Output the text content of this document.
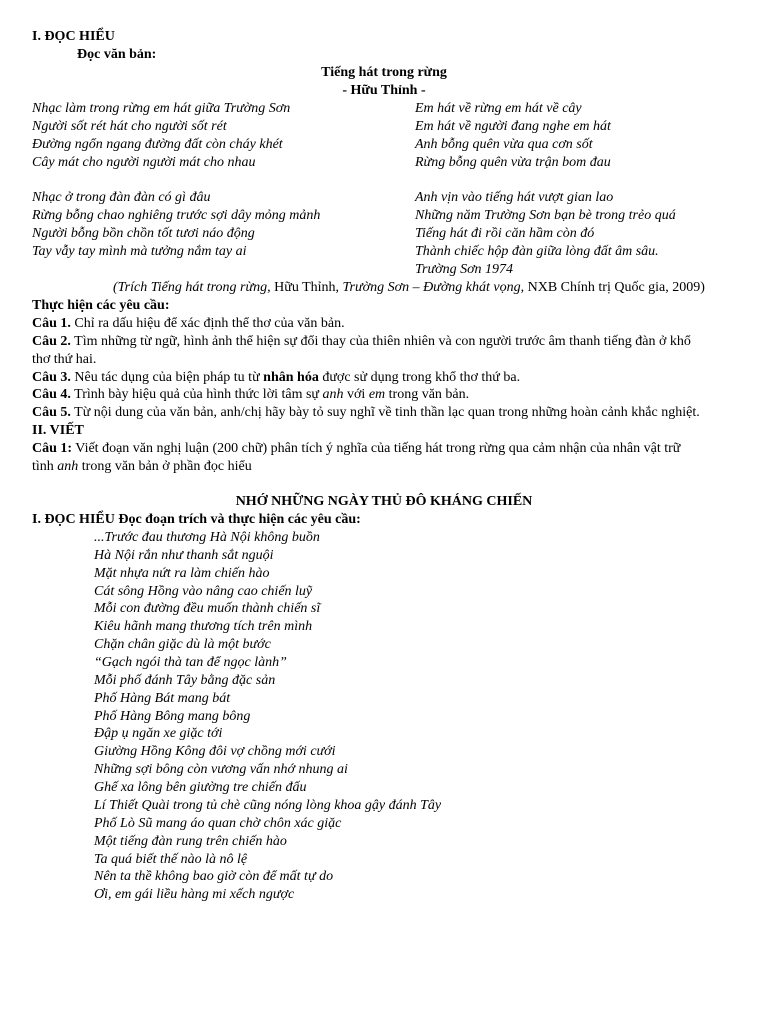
I. ĐỌC HIỂU
Đọc văn bản:
Tiếng hát trong rừng
- Hữu Thỉnh -
Nhạc làm trong rừng em hát giữa Trường Sơn
Người sốt rét hát cho người sốt rét
Đường ngổn ngang đường đất còn cháy khét
Cây mát cho người người mát cho nhau
Em hát về rừng em hát về cây
Em hát về người đang nghe em hát
Anh bỗng quên vừa qua cơn sốt
Rừng bỗng quên vừa trận bom đau
Nhạc ở trong đàn đàn có gì đâu
Rừng bỗng chao nghiêng trước sợi dây mỏng mảnh
Người bỗng bồn chồn tốt tươi náo động
Tay vẫy tay mình mà tưởng nắm tay ai
Anh vịn vào tiếng hát vượt gian lao
Những năm Trường Sơn bạn bè trong trẻo quá
Tiếng hát đi rồi căn hầm còn đó
Thành chiếc hộp đàn giữa lòng đất âm sâu.
Trường Sơn 1974
(Trích Tiếng hát trong rừng, Hữu Thỉnh, Trường Sơn – Đường khát vọng, NXB Chính trị Quốc gia, 2009)
Thực hiện các yêu cầu:
Câu 1. Chỉ ra dấu hiệu để xác định thể thơ của văn bản.
Câu 2. Tìm những từ ngữ, hình ảnh thể hiện sự đổi thay của thiên nhiên và con người trước âm thanh tiếng đàn ở khổ
thơ thứ hai.
Câu 3. Nêu tác dụng của biện pháp tu từ nhân hóa được sử dụng trong khổ thơ thứ ba.
Câu 4. Trình bày hiệu quả của hình thức lời tâm sự anh với em trong văn bản.
Câu 5. Từ nội dung của văn bản, anh/chị hãy bày tỏ suy nghĩ về tinh thần lạc quan trong những hoàn cảnh khắc nghiệt.
II. VIẾT
Câu 1: Viết đoạn văn nghị luận (200 chữ) phân tích ý nghĩa của tiếng hát trong rừng qua cảm nhận của nhân vật trữ
tình anh trong văn bản ở phần đọc hiểu
NHỚ NHỮNG NGÀY THỦ ĐÔ KHÁNG CHIẾN
I. ĐỌC HIỂU Đọc đoạn trích và thực hiện các yêu cầu:
...Trước đau thương Hà Nội không buồn
Hà Nội rắn như thanh sắt nguội
Mặt nhựa nứt ra làm chiến hào
Cát sông Hồng vào nâng cao chiến luỹ
Mỗi con đường đều muốn thành chiến sĩ
Kiêu hãnh mang thương tích trên mình
Chặn chân giặc dù là một bước
“Gạch ngói thà tan để ngọc lành”
Mỗi phố đánh Tây bằng đặc sản
Phố Hàng Bát mang bát
Phố Hàng Bông mang bông
Đập ụ ngăn xe giặc tới
Giường Hồng Kông đôi vợ chồng mới cưới
Những sợi bông còn vương vấn nhớ nhung ai
Ghế xa lông bên giường tre chiến đấu
Lí Thiết Quài trong tủ chè cũng nóng lòng khoa gậy đánh Tây
Phố Lò Sũ mang áo quan chờ chôn xác giặc
Một tiếng đàn rung trên chiến hào
Ta quá biết thế nào là nô lệ
Nên ta thề không bao giờ còn để mất tự do
Ơi, em gái liều hàng mi xếch ngược
